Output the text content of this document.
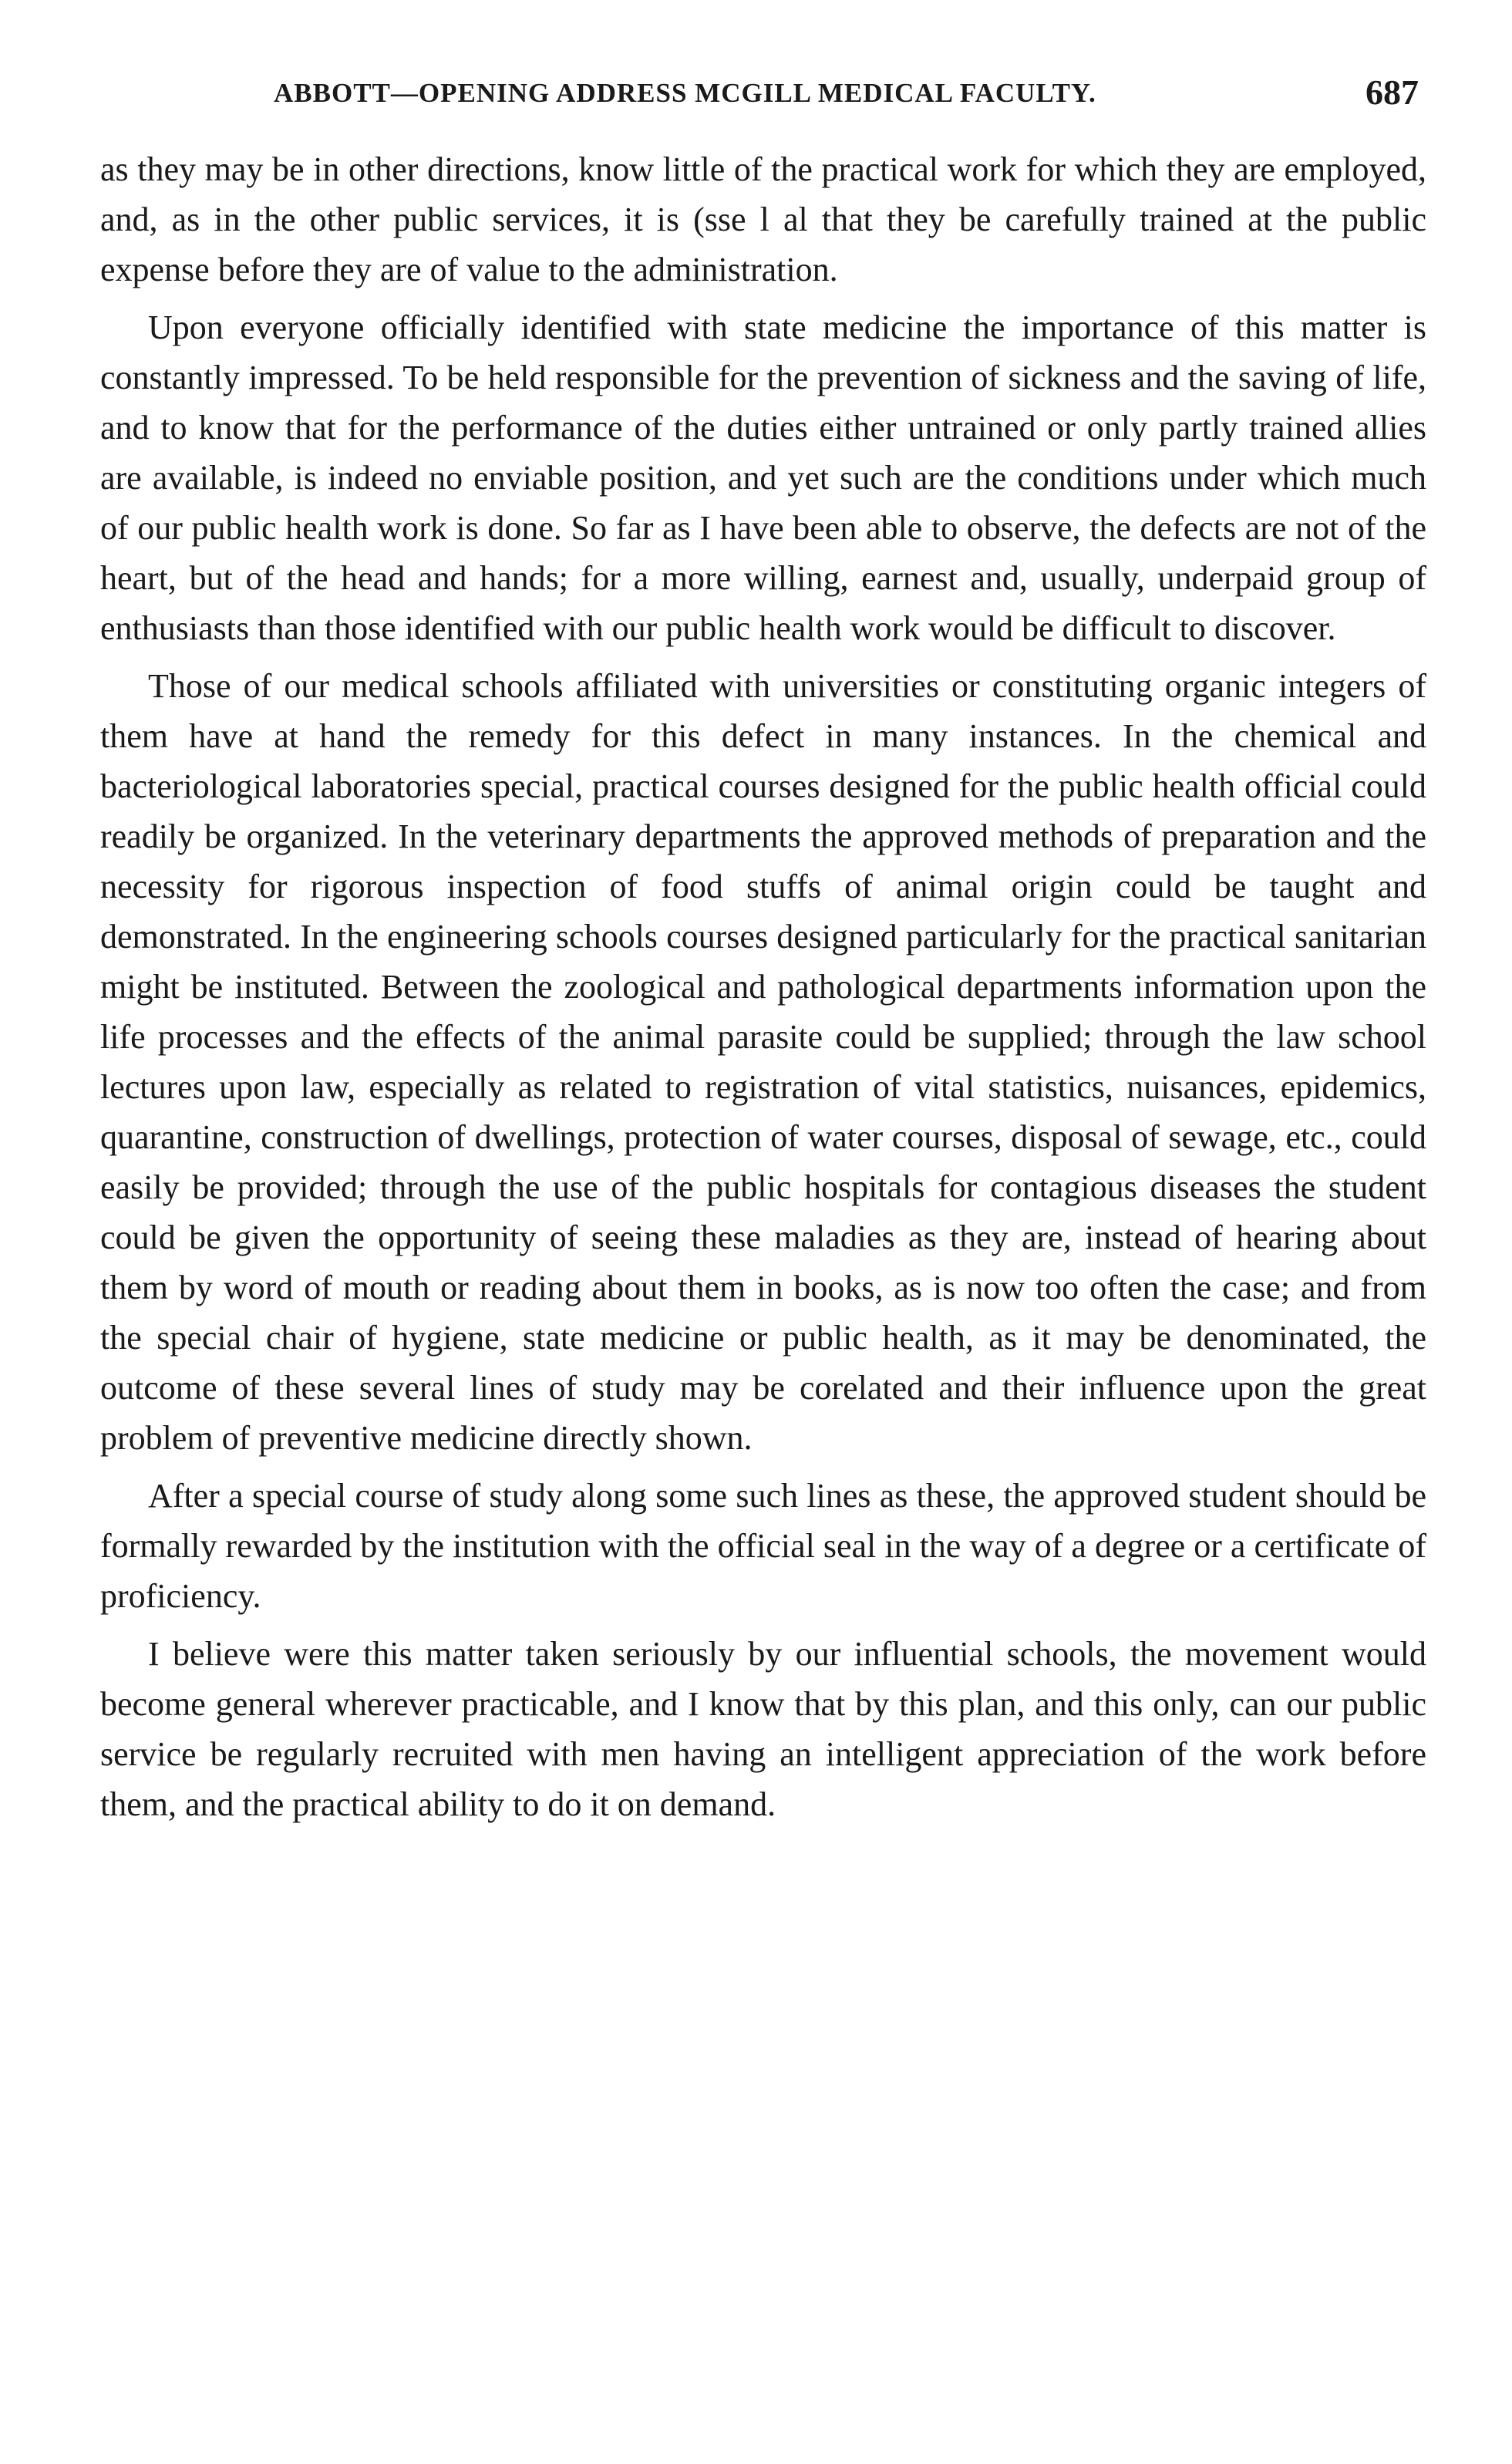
ABBOTT—OPENING ADDRESS MCGILL MEDICAL FACULTY.	687

as they may be in other directions, know little of the practical work for which they are employed, and, as in the other public services, it is (sse l al that they be carefully trained at the public expense before they are of value to the administration.

Upon everyone officially identified with state medicine the importance of this matter is constantly impressed. To be held responsible for the prevention of sickness and the saving of life, and to know that for the performance of the duties either untrained or only partly trained allies are available, is indeed no enviable position, and yet such are the conditions under which much of our public health work is done. So far as I have been able to observe, the defects are not of the heart, but of the head and hands; for a more willing, earnest and, usually, underpaid group of enthusiasts than those identified with our public health work would be difficult to discover.

Those of our medical schools affiliated with universities or constituting organic integers of them have at hand the remedy for this defect in many instances. In the chemical and bacteriological laboratories special, practical courses designed for the public health official could readily be organized. In the veterinary departments the approved methods of preparation and the necessity for rigorous inspection of food stuffs of animal origin could be taught and demonstrated. In the engineering schools courses designed particularly for the practical sanitarian might be instituted. Between the zoological and pathological departments information upon the life processes and the effects of the animal parasite could be supplied; through the law school lectures upon law, especially as related to registration of vital statistics, nuisances, epidemics, quarantine, construction of dwellings, protection of water courses, disposal of sewage, etc., could easily be provided; through the use of the public hospitals for contagious diseases the student could be given the opportunity of seeing these maladies as they are, instead of hearing about them by word of mouth or reading about them in books, as is now too often the case; and from the special chair of hygiene, state medicine or public health, as it may be denominated, the outcome of these several lines of study may be corelated and their influence upon the great problem of preventive medicine directly shown.

After a special course of study along some such lines as these, the approved student should be formally rewarded by the institution with the official seal in the way of a degree or a certificate of proficiency.

I believe were this matter taken seriously by our influential schools, the movement would become general wherever practicable, and I know that by this plan, and this only, can our public service be regularly recruited with men having an intelligent appreciation of the work before them, and the practical ability to do it on demand.
